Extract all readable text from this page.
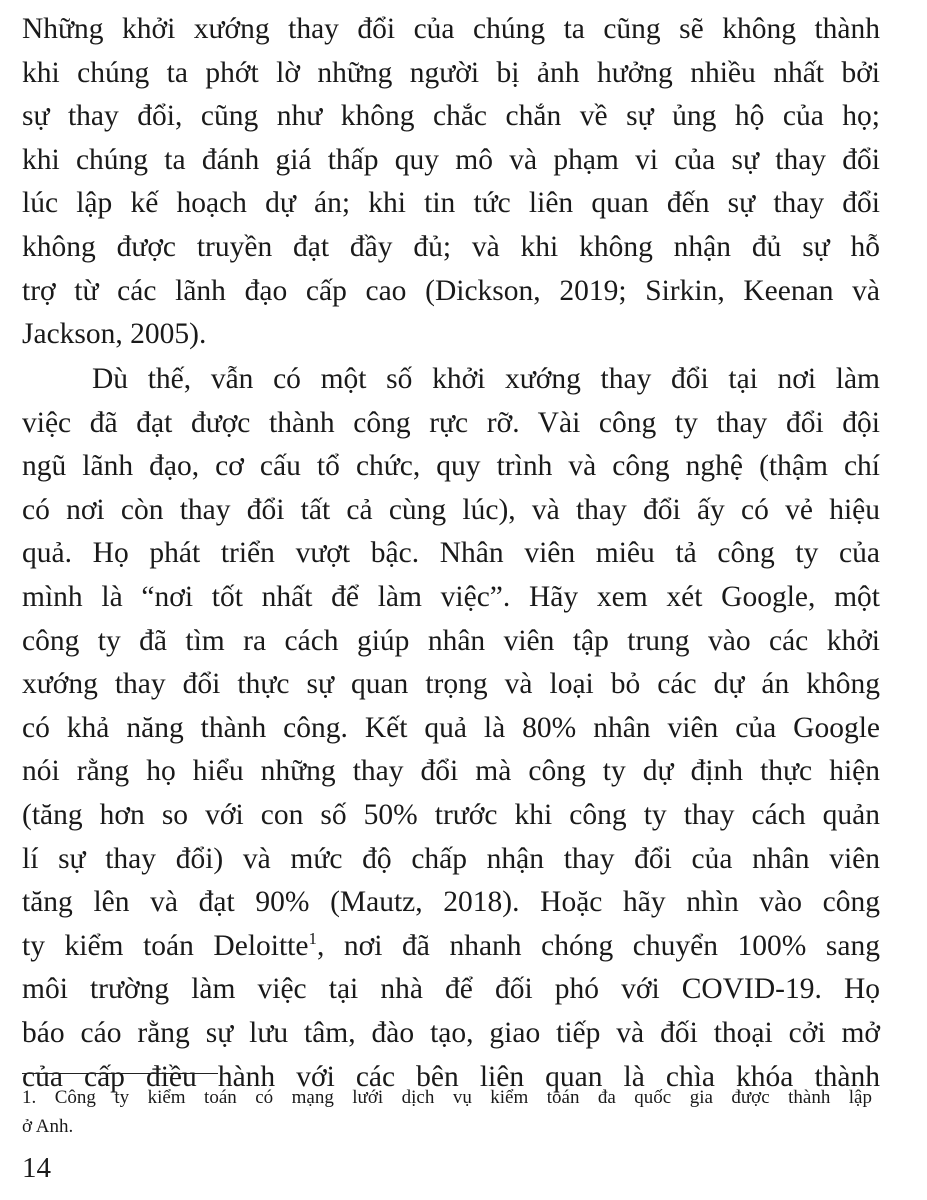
Những khởi xướng thay đổi của chúng ta cũng sẽ không thành
khi chúng ta phớt lờ những người bị ảnh hưởng nhiều nhất bởi
sự thay đổi, cũng như không chắc chắn về sự ủng hộ của họ;
khi chúng ta đánh giá thấp quy mô và phạm vi của sự thay đổi
lúc lập kế hoạch dự án; khi tin tức liên quan đến sự thay đổi
không được truyền đạt đầy đủ; và khi không nhận đủ sự hỗ
trợ từ các lãnh đạo cấp cao (Dickson, 2019; Sirkin, Keenan và
Jackson, 2005).
Dù thế, vẫn có một số khởi xướng thay đổi tại nơi làm
việc đã đạt được thành công rực rỡ. Vài công ty thay đổi đội
ngũ lãnh đạo, cơ cấu tổ chức, quy trình và công nghệ (thậm chí
có nơi còn thay đổi tất cả cùng lúc), và thay đổi ấy có vẻ hiệu
quả. Họ phát triển vượt bậc. Nhân viên miêu tả công ty của
mình là “nơi tốt nhất để làm việc”. Hãy xem xét Google, một
công ty đã tìm ra cách giúp nhân viên tập trung vào các khởi
xướng thay đổi thực sự quan trọng và loại bỏ các dự án không
có khả năng thành công. Kết quả là 80% nhân viên của Google
nói rằng họ hiểu những thay đổi mà công ty dự định thực hiện
(tăng hơn so với con số 50% trước khi công ty thay cách quản
lí sự thay đổi) và mức độ chấp nhận thay đổi của nhân viên
tăng lên và đạt 90% (Mautz, 2018). Hoặc hãy nhìn vào công
ty kiểm toán Deloitte$^1$, nơi đã nhanh chóng chuyển 100% sang
môi trường làm việc tại nhà để đối phó với COVID-19. Họ
báo cáo rằng sự lưu tâm, đào tạo, giao tiếp và đối thoại cởi mở
của cấp điều hành với các bên liên quan là chìa khóa thành
1. Công ty kiểm toán có mạng lưới dịch vụ kiểm toán đa quốc gia được thành lập
ở Anh.
14
